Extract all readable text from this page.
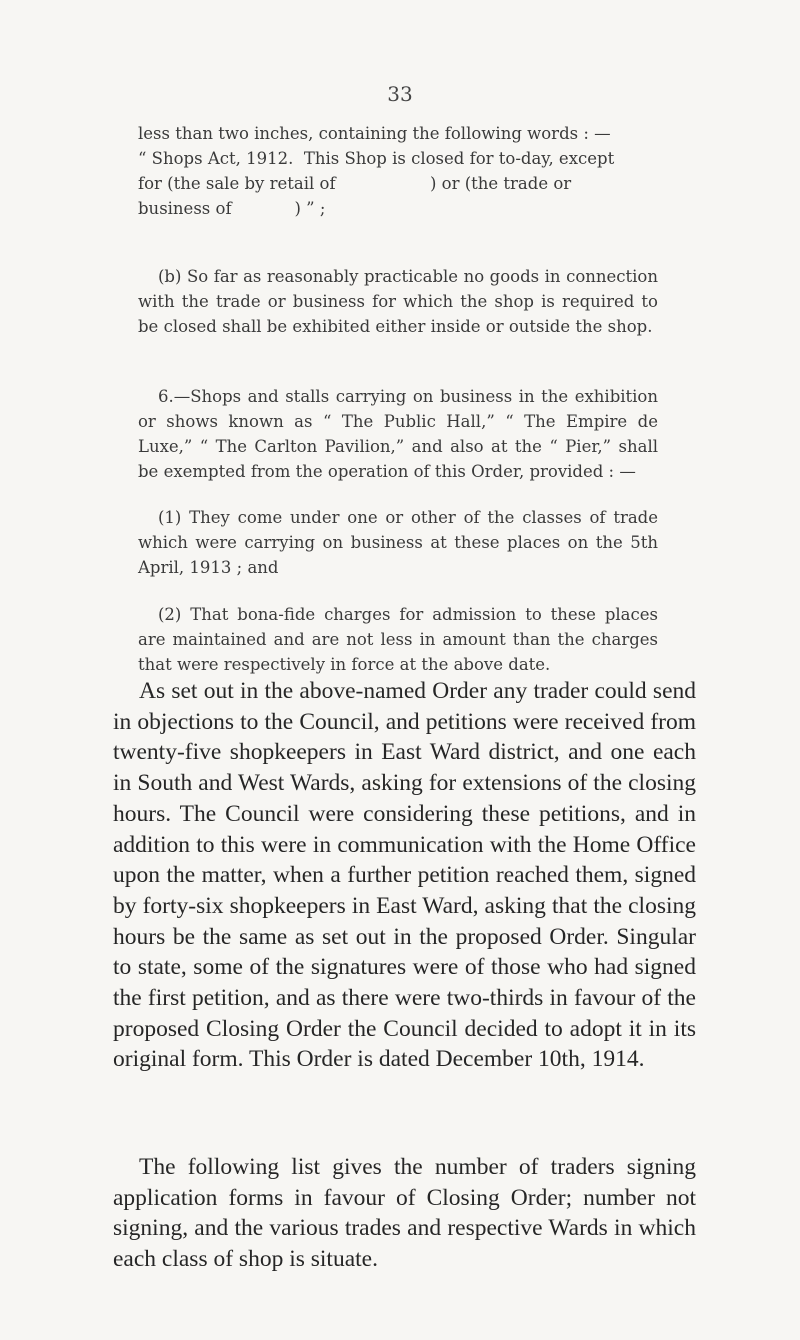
33
less than two inches, containing the following words : —
“ Shops Act, 1912.  This Shop is closed for to-day, except
for (the sale by retail of                  ) or (the trade or
business of            ) ” ;

(b) So far as reasonably practicable no goods in connection with the trade or business for which the shop is required to be closed shall be exhibited either inside or outside the shop.

6.—Shops and stalls carrying on business in the exhibition or shows known as “ The Public Hall,” “ The Empire de Luxe,” “ The Carlton Pavilion,” and also at the “ Pier,” shall be exempted from the operation of this Order, provided : —

(1) They come under one or other of the classes of trade which were carrying on business at these places on the 5th April, 1913 ; and

(2) That bona-fide charges for admission to these places are maintained and are not less in amount than the charges that were respectively in force at the above date.

As set out in the above-named Order any trader could send in objections to the Council, and petitions were received from twenty-five shopkeepers in East Ward district, and one each in South and West Wards, asking for extensions of the closing hours. The Council were considering these petitions, and in addition to this were in communication with the Home Office upon the matter, when a further petition reached them, signed by forty-six shopkeepers in East Ward, asking that the closing hours be the same as set out in the proposed Order. Singular to state, some of the signatures were of those who had signed the first petition, and as there were two-thirds in favour of the proposed Closing Order the Council decided to adopt it in its original form. This Order is dated December 10th, 1914.

The following list gives the number of traders signing application forms in favour of Closing Order; number not signing, and the various trades and respective Wards in which each class of shop is situate.
